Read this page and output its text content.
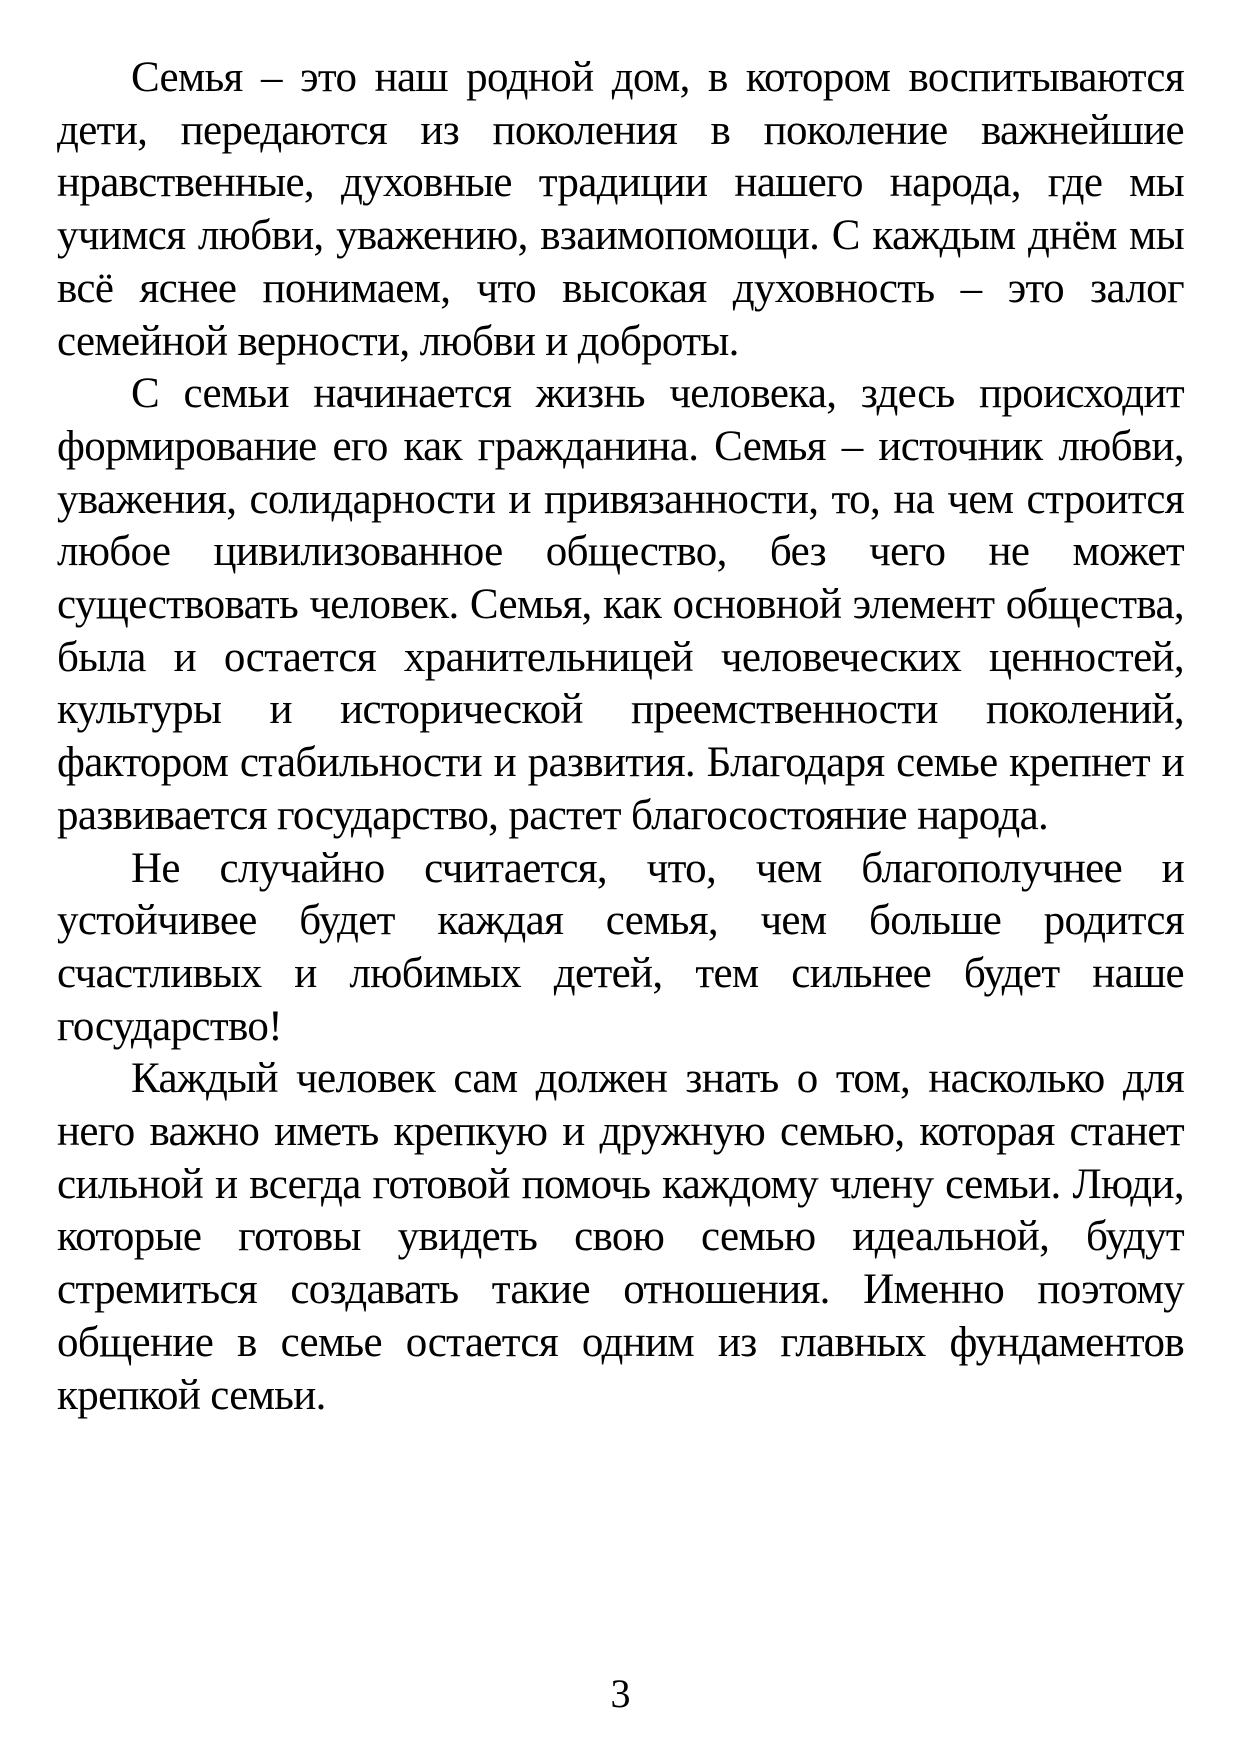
Семья – это наш родной дом, в котором воспитываются дети, передаются из поколения в поколение важнейшие нравственные, духовные традиции нашего народа, где мы учимся любви, уважению, взаимопомощи. С каждым днём мы всё яснее понимаем, что высокая духовность – это залог семейной верности, любви и доброты.

С семьи начинается жизнь человека, здесь происходит формирование его как гражданина. Семья – источник любви, уважения, солидарности и привязанности, то, на чем строится любое цивилизованное общество, без чего не может существовать человек. Семья, как основной элемент общества, была и остается хранительницей человеческих ценностей, культуры и исторической преемственности поколений, фактором стабильности и развития. Благодаря семье крепнет и развивается государство, растет благосостояние народа.

Не случайно считается, что, чем благополучнее и устойчивее будет каждая семья, чем больше родится счастливых и любимых детей, тем сильнее будет наше государство!

Каждый человек сам должен знать о том, насколько для него важно иметь крепкую и дружную семью, которая станет сильной и всегда готовой помочь каждому члену семьи. Люди, которые готовы увидеть свою семью идеальной, будут стремиться создавать такие отношения. Именно поэтому общение в семье остается одним из главных фундаментов крепкой семьи.

3
